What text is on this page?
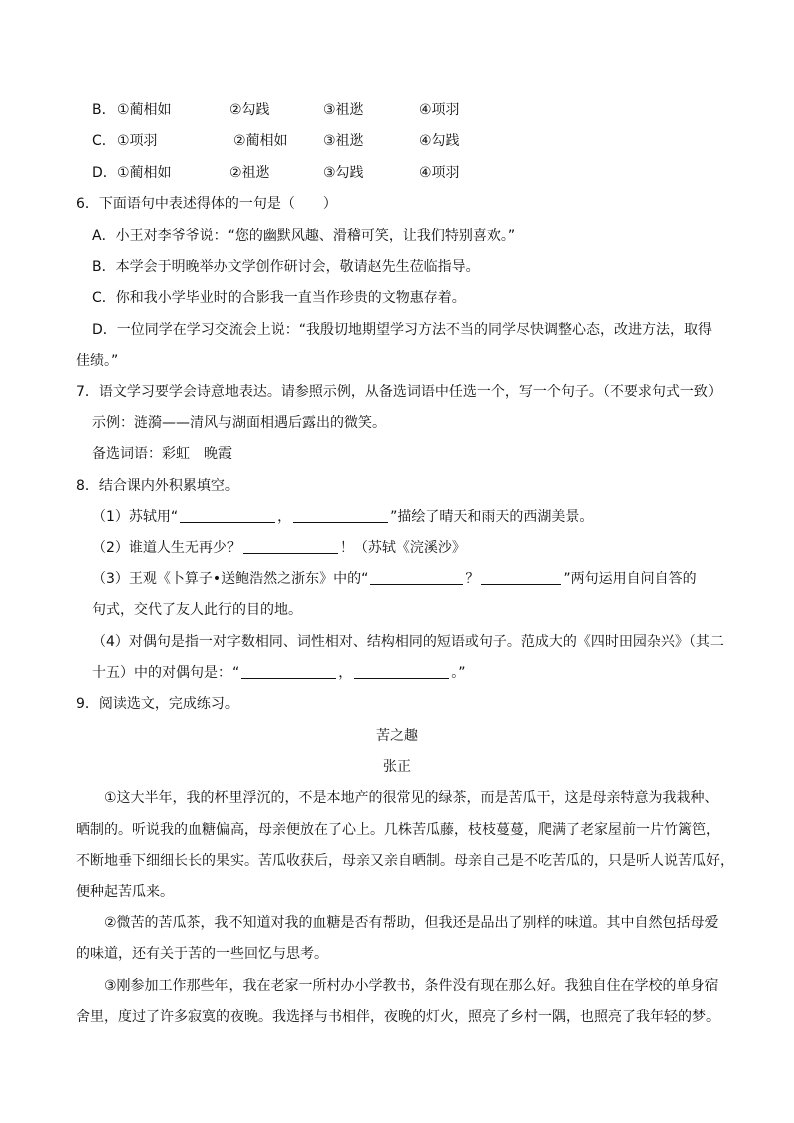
B． ①蔺相如	②勾践	③祖逖	④项羽
C． ①项羽	②蔺相如	③祖逖	④勾践
D． ①蔺相如	②祖逖	③勾践	④项羽
6．下面语句中表述得体的一句是（　　）
A．小王对李爷爷说：“您的幽默风趣、滑稽可笑，让我们特别喜欢。”
B．本学会于明晚举办文学创作研讨会，敬请赵先生莅临指导。
C．你和我小学毕业时的合影我一直当作珍贵的文物惠存着。
D．一位同学在学习交流会上说：“我殷切地期望学习方法不当的同学尽快调整心态，改进方法，取得
佳绩。”
7．语文学习要学会诗意地表达。请参照示例，从备选词语中任选一个，写一个句子。（不要求句式一致）
示例：涟漪——清风与湖面相遇后露出的微笑。
备选词语：彩虹　晚霞
8．结合课内外积累填空。
（1）苏轼用“	，	”描绘了晴天和雨天的西湖美景。
（2）谁道人生无再少？	！（苏轼《浣溪沙》
（3）王观《卜算子•送鲍浩然之浙东》中的“	？	”两句运用自问自答的
句式，交代了友人此行的目的地。
（4）对偶句是指一对字数相同、词性相对、结构相同的短语或句子。范成大的《四时田园杂兴》（其二
十五）中的对偶句是：“	，	。”
9．阅读选文，完成练习。
苦之趣
张正
①这大半年，我的杯里浮沉的，不是本地产的很常见的绿茶，而是苦瓜干，这是母亲特意为我栽种、
晒制的。听说我的血糖偏高，母亲便放在了心上。几株苦瓜藤，枝枝蔓蔓，爬满了老家屋前一片竹篱笆，
不断地垂下细细长长的果实。苦瓜收获后，母亲又亲自晒制。母亲自己是不吃苦瓜的，只是听人说苦瓜好，
便种起苦瓜来。
②微苦的苦瓜茶，我不知道对我的血糖是否有帮助，但我还是品出了别样的味道。其中自然包括母爱
的味道，还有关于苦的一些回忆与思考。
③刚参加工作那些年，我在老家一所村办小学教书，条件没有现在那么好。我独自住在学校的单身宿
舍里，度过了许多寂寞的夜晚。我选择与书相伴，夜晚的灯火，照亮了乡村一隅，也照亮了我年轻的梦。
